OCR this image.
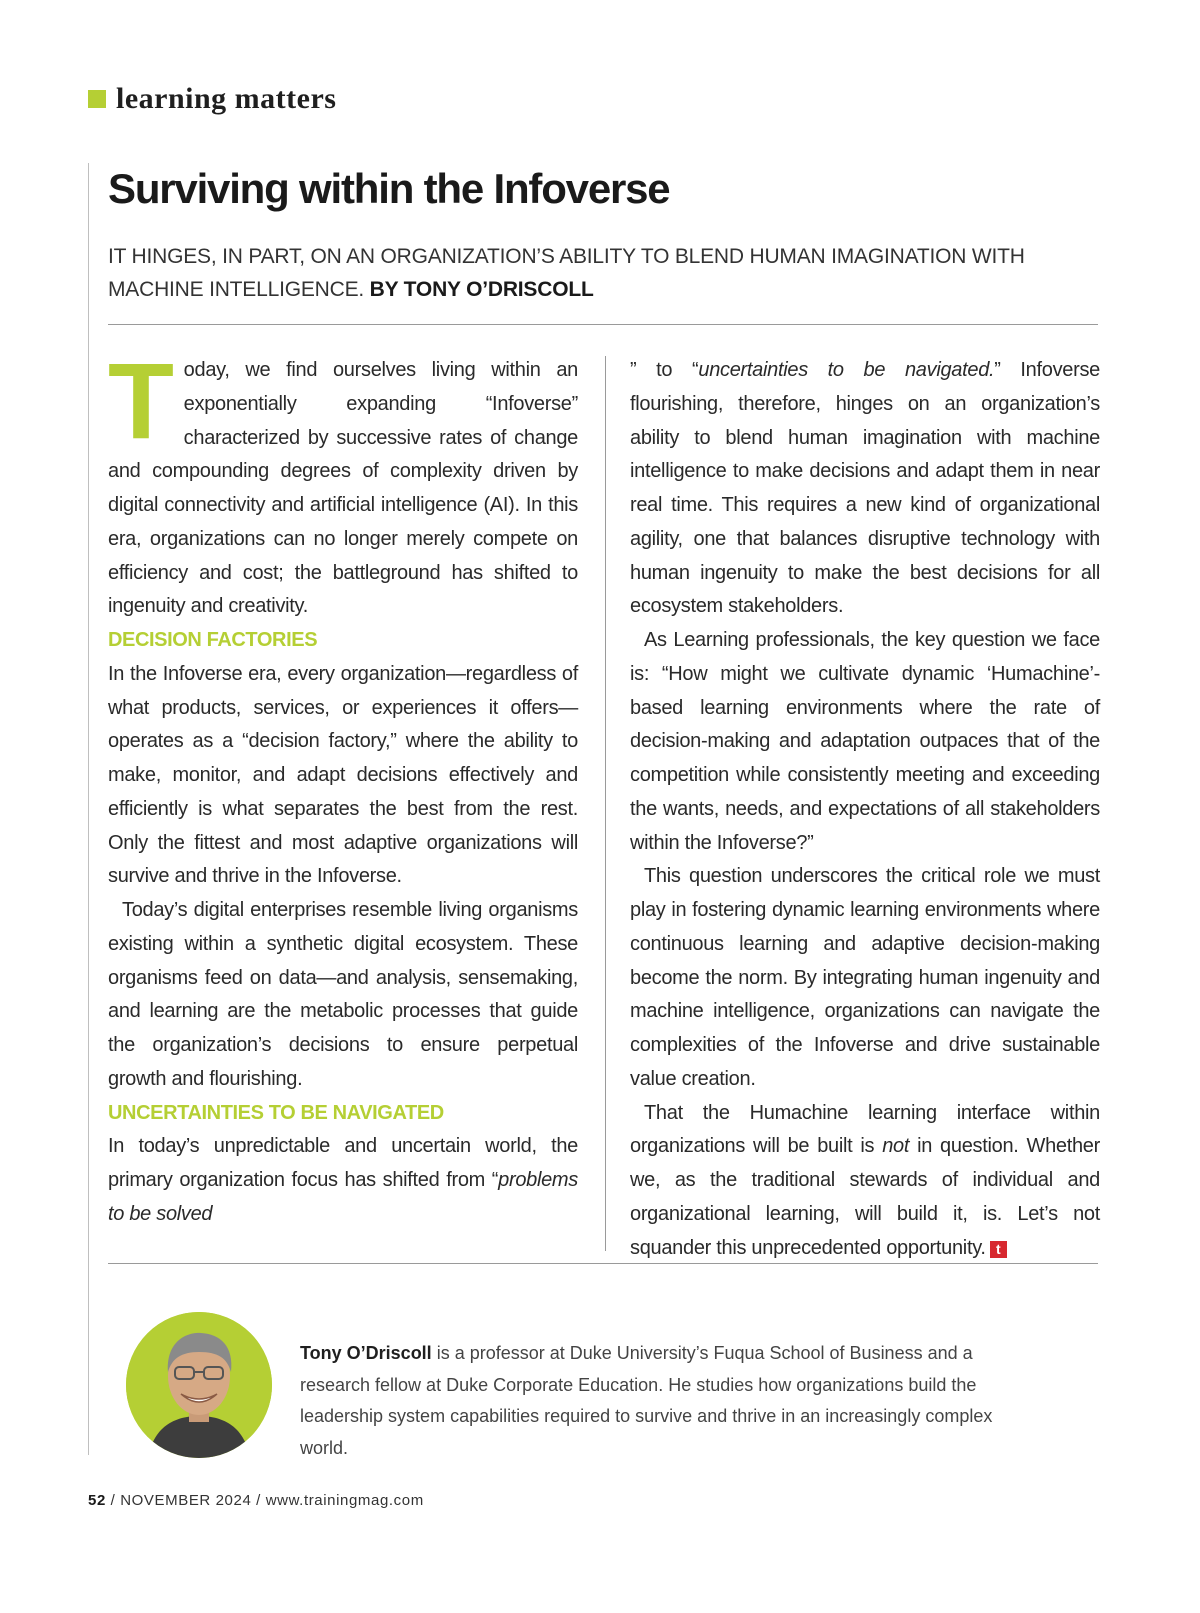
learning matters
Surviving within the Infoverse

IT HINGES, IN PART, ON AN ORGANIZATION’S ABILITY TO BLEND HUMAN IMAGINATION WITH MACHINE INTELLIGENCE. BY TONY O’DRISCOLL

Today, we find ourselves living within an exponentially expanding “Infoverse” characterized by successive rates of change and compounding degrees of complexity driven by digital connectivity and artificial intelligence (AI). In this era, organizations can no longer merely compete on efficiency and cost; the battleground has shifted to ingenuity and creativity.

DECISION FACTORIES

In the Infoverse era, every organization—regardless of what products, services, or experiences it offers—operates as a “decision factory,” where the ability to make, monitor, and adapt decisions effectively and efficiently is what separates the best from the rest. Only the fittest and most adaptive organizations will survive and thrive in the Infoverse.

Today’s digital enterprises resemble living organisms existing within a synthetic digital ecosystem. These organisms feed on data—and analysis, sensemaking, and learning are the metabolic processes that guide the organization’s decisions to ensure perpetual growth and flourishing.

UNCERTAINTIES TO BE NAVIGATED

In today’s unpredictable and uncertain world, the primary organization focus has shifted from “problems to be solved

” to “uncertainties to be navigated.” Infoverse flourishing, therefore, hinges on an organization’s ability to blend human imagination with machine intelligence to make decisions and adapt them in near real time. This requires a new kind of organizational agility, one that balances disruptive technology with human ingenuity to make the best decisions for all ecosystem stakeholders.

As Learning professionals, the key question we face is: “How might we cultivate dynamic ‘Humachine’-based learning environments where the rate of decision-making and adaptation outpaces that of the competition while consistently meeting and exceeding the wants, needs, and expectations of all stakeholders within the Infoverse?”

This question underscores the critical role we must play in fostering dynamic learning environments where continuous learning and adaptive decision-making become the norm. By integrating human ingenuity and machine intelligence, organizations can navigate the complexities of the Infoverse and drive sustainable value creation.

That the Humachine learning interface within organizations will be built is not in question. Whether we, as the traditional stewards of individual and organizational learning, will build it, is. Let’s not squander this unprecedented opportunity. t

Tony O’Driscoll is a professor at Duke University’s Fuqua School of Business and a research fellow at Duke Corporate Education. He studies how organizations build the leadership system capabilities required to survive and thrive in an increasingly complex world.

52 / NOVEMBER 2024 / www.trainingmag.com
